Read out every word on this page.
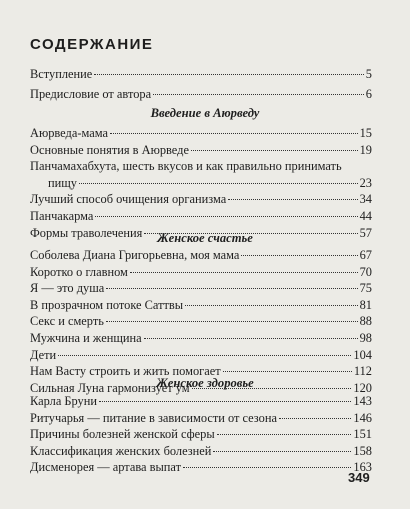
СОДЕРЖАНИЕ
Вступление	5
Предисловие от автора	6
Введение в Аюрведу
Аюрведа-мама	15
Основные понятия в Аюрведе	19
Панчамахабхута, шесть вкусов и как правильно принимать
пищу	23
Лучший способ очищения организма	34
Панчакарма	44
Формы траволечения	57
Женское счастье
Соболева Диана Григорьевна, моя мама	67
Коротко о главном	70
Я — это душа	75
В прозрачном потоке Саттвы	81
Секс и смерть	88
Мужчина и женщина	98
Дети	104
Нам Васту строить и жить помогает	112
Сильная Луна гармонизует ум	120
Женское здоровье
Карла Бруни	143
Ритучарья — питание в зависимости от сезона	146
Причины болезней женской сферы	151
Классификация женских болезней	158
Дисменорея — артава выпат	163
349
